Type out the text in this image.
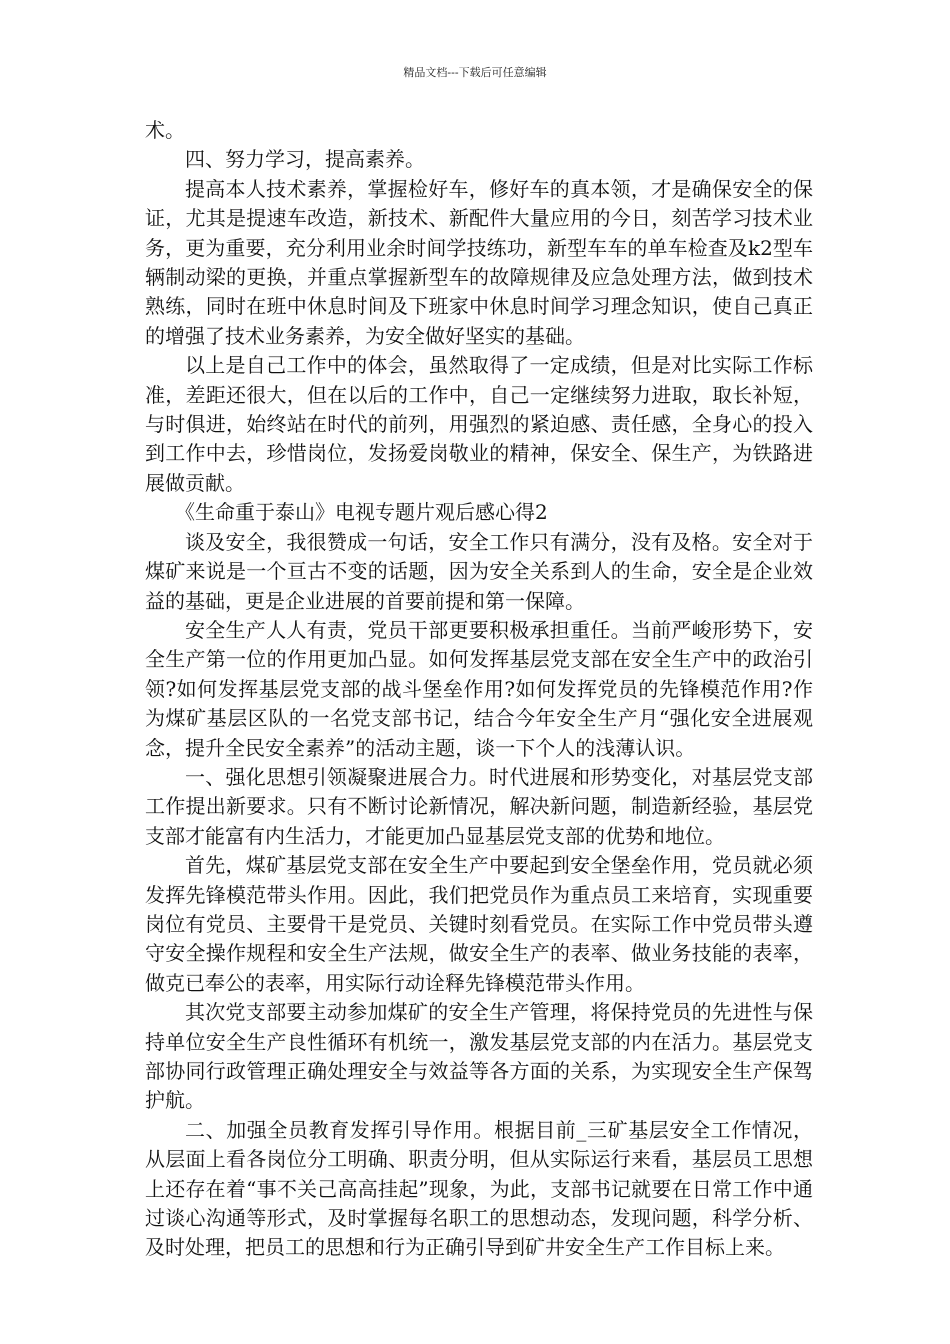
精品文档---下载后可任意编辑

术。

四、努力学习，提高素养。

提高本人技术素养，掌握检好车，修好车的真本领，才是确保安全的保证，尤其是提速车改造，新技术、新配件大量应用的今日，刻苦学习技术业务，更为重要，充分利用业余时间学技练功，新型车车的单车检查及k2型车辆制动梁的更换，并重点掌握新型车的故障规律及应急处理方法，做到技术熟练，同时在班中休息时间及下班家中休息时间学习理念知识，使自己真正的增强了技术业务素养，为安全做好坚实的基础。

以上是自己工作中的体会，虽然取得了一定成绩，但是对比实际工作标准，差距还很大，但在以后的工作中，自己一定继续努力进取，取长补短，与时俱进，始终站在时代的前列，用强烈的紧迫感、责任感，全身心的投入到工作中去，珍惜岗位，发扬爱岗敬业的精神，保安全、保生产，为铁路进展做贡献。

《生命重于泰山》电视专题片观后感心得2

谈及安全，我很赞成一句话，安全工作只有满分，没有及格。安全对于煤矿来说是一个亘古不变的话题，因为安全关系到人的生命，安全是企业效益的基础，更是企业进展的首要前提和第一保障。

安全生产人人有责，党员干部更要积极承担重任。当前严峻形势下，安全生产第一位的作用更加凸显。如何发挥基层党支部在安全生产中的政治引领?如何发挥基层党支部的战斗堡垒作用?如何发挥党员的先锋模范作用?作为煤矿基层区队的一名党支部书记，结合今年安全生产月“强化安全进展观念，提升全民安全素养”的活动主题，谈一下个人的浅薄认识。

一、强化思想引领凝聚进展合力。时代进展和形势变化，对基层党支部工作提出新要求。只有不断讨论新情况，解决新问题，制造新经验，基层党支部才能富有内生活力，才能更加凸显基层党支部的优势和地位。

首先，煤矿基层党支部在安全生产中要起到安全堡垒作用，党员就必须发挥先锋模范带头作用。因此，我们把党员作为重点员工来培育，实现重要岗位有党员、主要骨干是党员、关键时刻看党员。在实际工作中党员带头遵守安全操作规程和安全生产法规，做安全生产的表率、做业务技能的表率，做克已奉公的表率，用实际行动诠释先锋模范带头作用。

其次党支部要主动参加煤矿的安全生产管理，将保持党员的先进性与保持单位安全生产良性循环有机统一，激发基层党支部的内在活力。基层党支部协同行政管理正确处理安全与效益等各方面的关系，为实现安全生产保驾护航。

二、加强全员教育发挥引导作用。根据目前_三矿基层安全工作情况，从层面上看各岗位分工明确、职责分明，但从实际运行来看，基层员工思想上还存在着“事不关己高高挂起”现象，为此，支部书记就要在日常工作中通过谈心沟通等形式，及时掌握每名职工的思想动态，发现问题，科学分析、及时处理，把员工的思想和行为正确引导到矿井安全生产工作目标上来。
